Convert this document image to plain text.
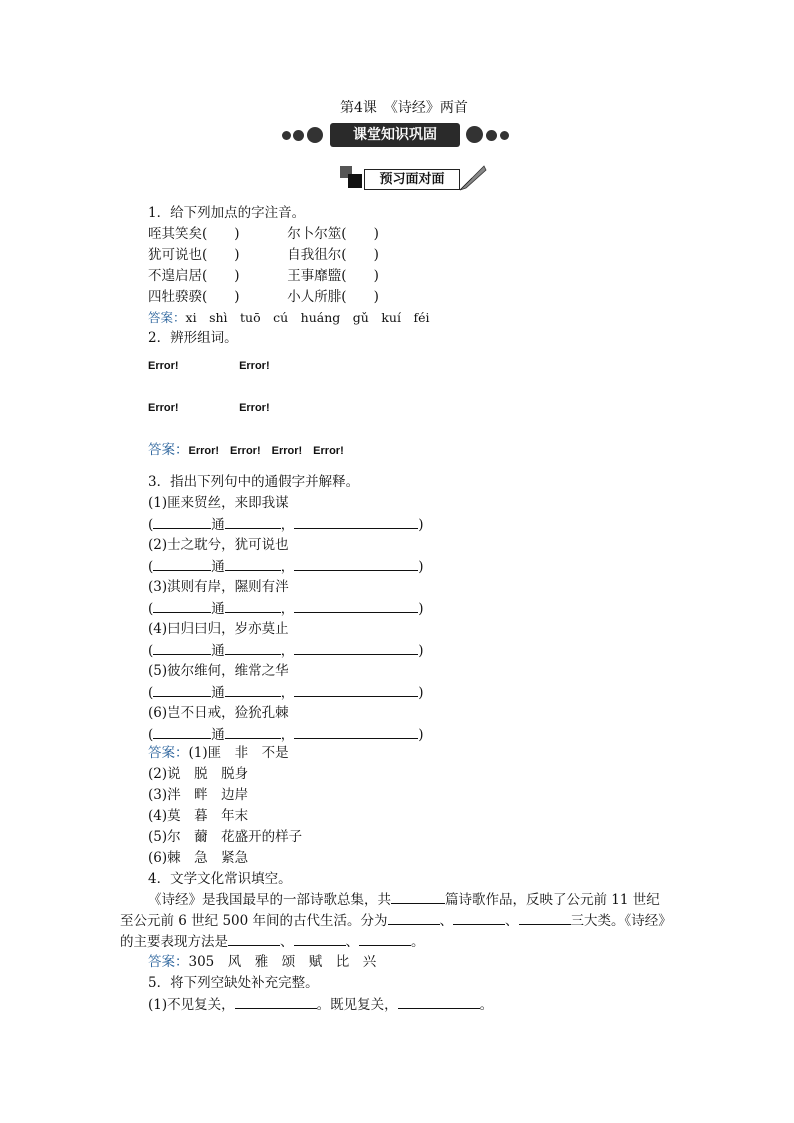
第4课　《诗经》两首
课堂知识巩固
预习面对面
1．给下列加点的字注音。
咥其笑矣(　　)	尔卜尔筮(　　)
犹可说也(　　)	自我徂尔(　　)
不遑启居(　　)	王事靡盬(　　)
四牡骙骙(　　)	小人所腓(　　)
答案：xi　shì　tuō　cú　huáng　gǔ　kuí　féi
2．辨形组词。
Error!	Error!
Error!	Error!
答案：Error!　Error!　Error!　Error!
3．指出下列句中的通假字并解释。
(1)匪来贸丝，来即我谋
(	通	，	)
(2)士之耽兮，犹可说也
(	通	，	)
(3)淇则有岸，隰则有泮
(	通	，	)
(4)曰归曰归，岁亦莫止
(	通	，	)
(5)彼尔维何，维常之华
(	通	，	)
(6)岂不日戒，猃狁孔棘
(	通	，	)
答案：(1)匪　非　不是
(2)说　脱　脱身
(3)泮　畔　边岸
(4)莫　暮　年末
(5)尔　薾　花盛开的样子
(6)棘　急　紧急
4．文学文化常识填空。
《诗经》是我国最早的一部诗歌总集，共	篇诗歌作品，反映了公元前 11 世纪
至公元前 6 世纪 500 年间的古代生活。分为	、	、	三大类。《诗经》
的主要表现方法是	、	、	。
答案：305　风　雅　颂　赋　比　兴
5．将下列空缺处补充完整。
(1)不见复关，	。既见复关，	。
